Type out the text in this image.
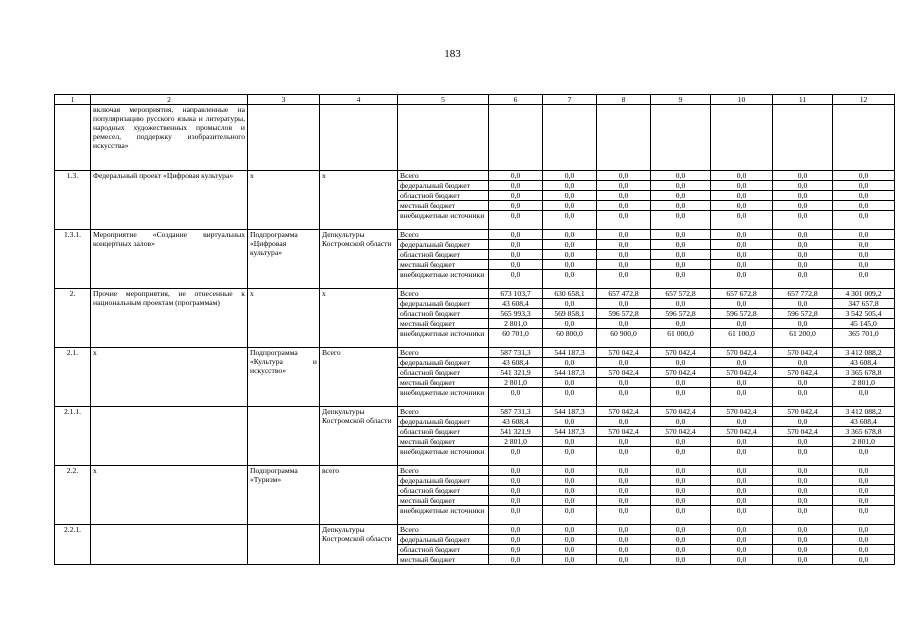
183
1	2	3	4	5	6	7	8	9	10	11	12
	включая мероприятия, направленные на популяризацию русского языка и литературы, народных художественных промыслов и ремесел, поддержку изобразительного искусства»										
1.3.	Федеральный проект «Цифровая культура»	х	х	Всего	0,0	0,0	0,0	0,0	0,0	0,0	0,0
				федеральный бюджет	0,0	0,0	0,0	0,0	0,0	0,0	0,0
				областной бюджет	0,0	0,0	0,0	0,0	0,0	0,0	0,0
				местный бюджет	0,0	0,0	0,0	0,0	0,0	0,0	0,0
				внебюджетные источники	0,0	0,0	0,0	0,0	0,0	0,0	0,0
1.3.1.	Мероприятие «Создание виртуальных концертных залов»	Подпрограмма «Цифровая культура»	Депкультуры Костромской области	Всего	0,0	0,0	0,0	0,0	0,0	0,0	0,0
				федеральный бюджет	0,0	0,0	0,0	0,0	0,0	0,0	0,0
				областной бюджет	0,0	0,0	0,0	0,0	0,0	0,0	0,0
				местный бюджет	0,0	0,0	0,0	0,0	0,0	0,0	0,0
				внебюджетные источники	0,0	0,0	0,0	0,0	0,0	0,0	0,0
2.	Прочие мероприятия, не отнесенные к национальным проектам (программам)	х	х	Всего	673 103,7	630 658,1	657 472,8	657 572,8	657 672,8	657 772,8	4 301 009,2
				федеральный бюджет	43 608,4	0,0	0,0	0,0	0,0	0,0	347 657,8
				областной бюджет	565 993,3	569 858,1	596 572,8	596 572,8	596 572,8	596 572,8	3 542 505,4
				местный бюджет	2 801,0	0,0	0,0	0,0	0,0	0,0	45 145,0
				внебюджетные источники	60 701,0	60 800,0	60 900,0	61 000,0	61 100,0	61 200,0	365 701,0
2.1.	х	Подпрограмма «Культура и искусство»	Всего	Всего	587 731,3	544 187,3	570 042,4	570 042,4	570 042,4	570 042,4	3 412 088,2
				федеральный бюджет	43 608,4	0,0	0,0	0,0	0,0	0,0	43 608,4
				областной бюджет	541 321,9	544 187,3	570 042,4	570 042,4	570 042,4	570 042,4	3 365 678,8
				местный бюджет	2 801,0	0,0	0,0	0,0	0,0	0,0	2 801,0
				внебюджетные источники	0,0	0,0	0,0	0,0	0,0	0,0	0,0
2.1.1.			Депкультуры Костромской области	Всего	587 731,3	544 187,3	570 042,4	570 042,4	570 042,4	570 042,4	3 412 088,2
				федеральный бюджет	43 608,4	0,0	0,0	0,0	0,0	0,0	43 608,4
				областной бюджет	541 321,9	544 187,3	570 042,4	570 042,4	570 042,4	570 042,4	3 365 678,8
				местный бюджет	2 801,0	0,0	0,0	0,0	0,0	0,0	2 801,0
				внебюджетные источники	0,0	0,0	0,0	0,0	0,0	0,0	0,0
2.2.	х	Подпрограмма «Туризм»	всего	Всего	0,0	0,0	0,0	0,0	0,0	0,0	0,0
				федеральный бюджет	0,0	0,0	0,0	0,0	0,0	0,0	0,0
				областной бюджет	0,0	0,0	0,0	0,0	0,0	0,0	0,0
				местный бюджет	0,0	0,0	0,0	0,0	0,0	0,0	0,0
				внебюджетные источники	0,0	0,0	0,0	0,0	0,0	0,0	0,0
2.2.1.			Депкультуры Костромской области	Всего	0,0	0,0	0,0	0,0	0,0	0,0	0,0
				федеральный бюджет	0,0	0,0	0,0	0,0	0,0	0,0	0,0
				областной бюджет	0,0	0,0	0,0	0,0	0,0	0,0	0,0
				местный бюджет	0,0	0,0	0,0	0,0	0,0	0,0	0,0
